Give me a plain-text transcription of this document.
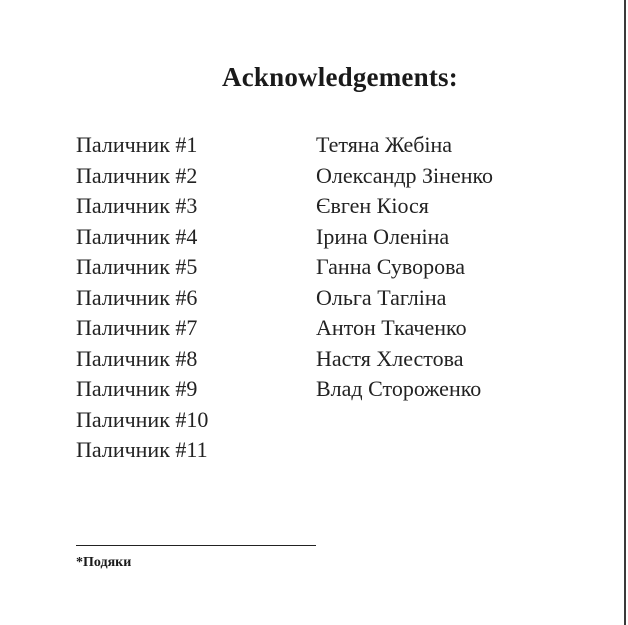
Acknowledgements:
Паличник #1
Паличник #2
Паличник #3
Паличник #4
Паличник #5
Паличник #6
Паличник #7
Паличник #8
Паличник #9
Паличник #10
Паличник #11
Тетяна Жебіна
Олександр Зіненко
Євген Кіося
Ірина Оленіна
Ганна Суворова
Ольга Таглiна
Антон Ткаченко
Настя Хлестова
Влад Стороженко
*Подяки
